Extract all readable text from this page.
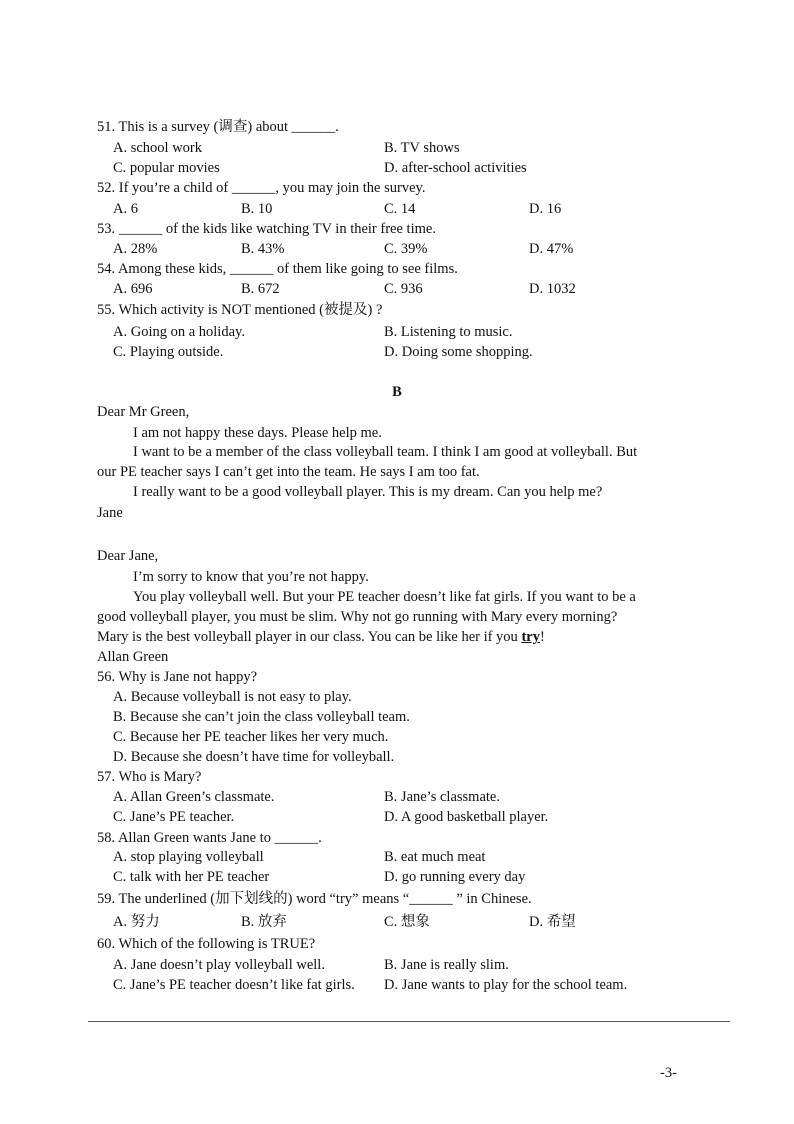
51. This is a survey (调查) about ______.
A. school work	B. TV shows
C. popular movies	D. after-school activities
52. If you’re a child of ______, you may join the survey.
A. 6	B. 10	C. 14	D. 16
53. ______ of the kids like watching TV in their free time.
A. 28%	B. 43%	C. 39%	D. 47%
54. Among these kids, ______ of them like going to see films.
A. 696	B. 672	C. 936	D. 1032
55. Which activity is NOT mentioned (被提及) ?
A. Going on a holiday.	B. Listening to music.
C. Playing outside.	D. Doing some shopping.
B
Dear Mr Green,
I am not happy these days. Please help me.
I want to be a member of the class volleyball team. I think I am good at volleyball. But
our PE teacher says I can’t get into the team. He says I am too fat.
I really want to be a good volleyball player. This is my dream. Can you help me?
Jane
Dear Jane,
I’m sorry to know that you’re not happy.
You play volleyball well. But your PE teacher doesn’t like fat girls. If you want to be a
good volleyball player, you must be slim. Why not go running with Mary every morning?
Mary is the best volleyball player in our class. You can be like her if you try!
Allan Green
56. Why is Jane not happy?
A. Because volleyball is not easy to play.
B. Because she can’t join the class volleyball team.
C. Because her PE teacher likes her very much.
D. Because she doesn’t have time for volleyball.
57. Who is Mary?
A. Allan Green’s classmate.	B. Jane’s classmate.
C. Jane’s PE teacher.	D. A good basketball player.
58. Allan Green wants Jane to ______.
A. stop playing volleyball	B. eat much meat
C. talk with her PE teacher	D. go running every day
59. The underlined (加下划线的) word “try” means “______ ” in Chinese.
A. 努力	B. 放弃	C. 想象	D. 希望
60. Which of the following is TRUE?
A. Jane doesn’t play volleyball well.	B. Jane is really slim.
C. Jane’s PE teacher doesn’t like fat girls. D. Jane wants to play for the school team.
-3-
